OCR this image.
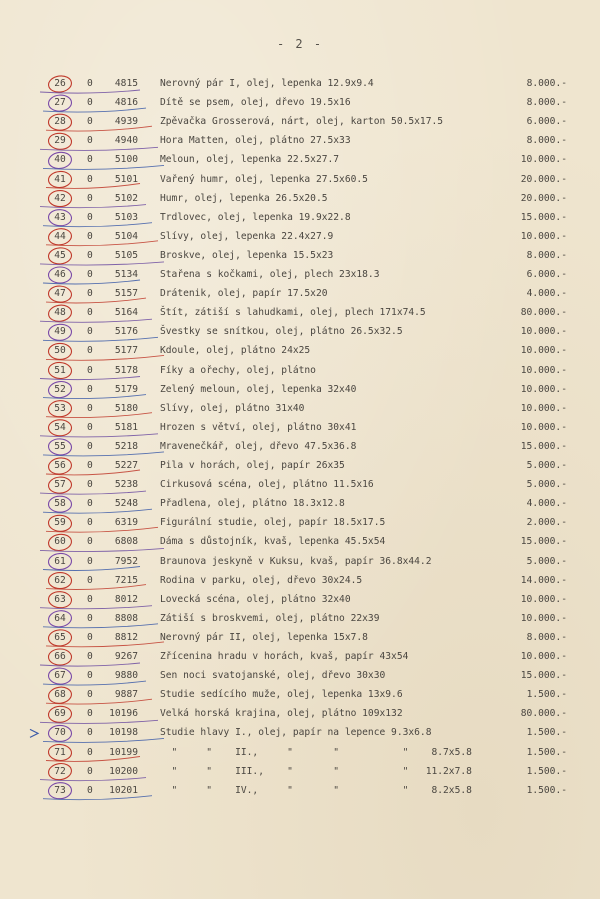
- 2 -
26	0	4815 Nerovný pár I, olej, lepenka 12.9x9.4	8.000.-
27	0	4816 Dítě se psem, olej, dřevo 19.5x16	8.000.-
28	0	4939 Zpěvačka Grosserová, nárt, olej, karton 50.5x17.5	6.000.-
29	0	4940 Hora Matten, olej, plátno 27.5x33	8.000.-
40	0	5100 Meloun, olej, lepenka 22.5x27.7	10.000.-
41	0	5101 Vařený humr, olej, lepenka 27.5x60.5	20.000.-
42	0	5102 Humr, olej, lepenka 26.5x20.5	20.000.-
43	0	5103 Trdlovec, olej, lepenka 19.9x22.8	15.000.-
44	0	5104 Slívy, olej, lepenka 22.4x27.9	10.000.-
45	0	5105 Broskve, olej, lepenka 15.5x23	8.000.-
46	0	5134 Stařena s kočkami, olej, plech 23x18.3	6.000.-
47	0	5157 Drátenik, olej, papír 17.5x20	4.000.-
48	0	5164 Štít, zátiší s lahudkami, olej, plech 171x74.5	80.000.-
49	0	5176 Švestky se snítkou, olej, plátno 26.5x32.5	10.000.-
50	0	5177 Kdoule, olej, plátno 24x25	10.000.-
51	0	5178 Fíky a ořechy, olej, plátno	10.000.-
52	0	5179 Zelený meloun, olej, lepenka 32x40	10.000.-
53	0	5180 Slívy, olej, plátno 31x40	10.000.-
54	0	5181 Hrozen s větví, olej, plátno 30x41	10.000.-
55	0	5218 Mravenečkář, olej, dřevo 47.5x36.8	15.000.-
56	0	5227 Pila v horách, olej, papír 26x35	5.000.-
57	0	5238 Cirkusová scéna, olej, plátno 11.5x16	5.000.-
58	0	5248 Přadlena, olej, plátno 18.3x12.8	4.000.-
59	0	6319 Figurální studie, olej, papír 18.5x17.5	2.000.-
60	0	6808 Dáma s důstojník, kvaš, lepenka 45.5x54	15.000.-
61	0	7952 Braunova jeskyně v Kuksu, kvaš, papír 36.8x44.2	5.000.-
62	0	7215 Rodina v parku, olej, dřevo 30x24.5	14.000.-
63	0	8012 Lovecká scéna, olej, plátno 32x40	10.000.-
64	0	8808 Zátiší s broskvemi, olej, plátno 22x39	10.000.-
65	0	8812 Nerovný pár II, olej, lepenka 15x7.8	8.000.-
66	0	9267 Zřícenina hradu v horách, kvaš, papír 43x54	10.000.-
67	0	9880 Sen noci svatojanské, olej, dřevo 30x30	15.000.-
68	0	9887 Studie sedícího muže, olej, lepenka 13x9.6	1.500.-
69	0	10196 Velká horská krajina, olej, plátno 109x132	80.000.-
70	0	10198 Studie hlavy I., olej, papír na lepence 9.3x6.8	1.500.-
71	0	10199 "     "    II.,     "       "           "    8.7x5.8	1.500.-
72	0	10200 "     "    III.,    "       "           "   11.2x7.8	1.500.-
73	0	10201 "     "    IV.,     "       "           "    8.2x5.8	1.500.-
